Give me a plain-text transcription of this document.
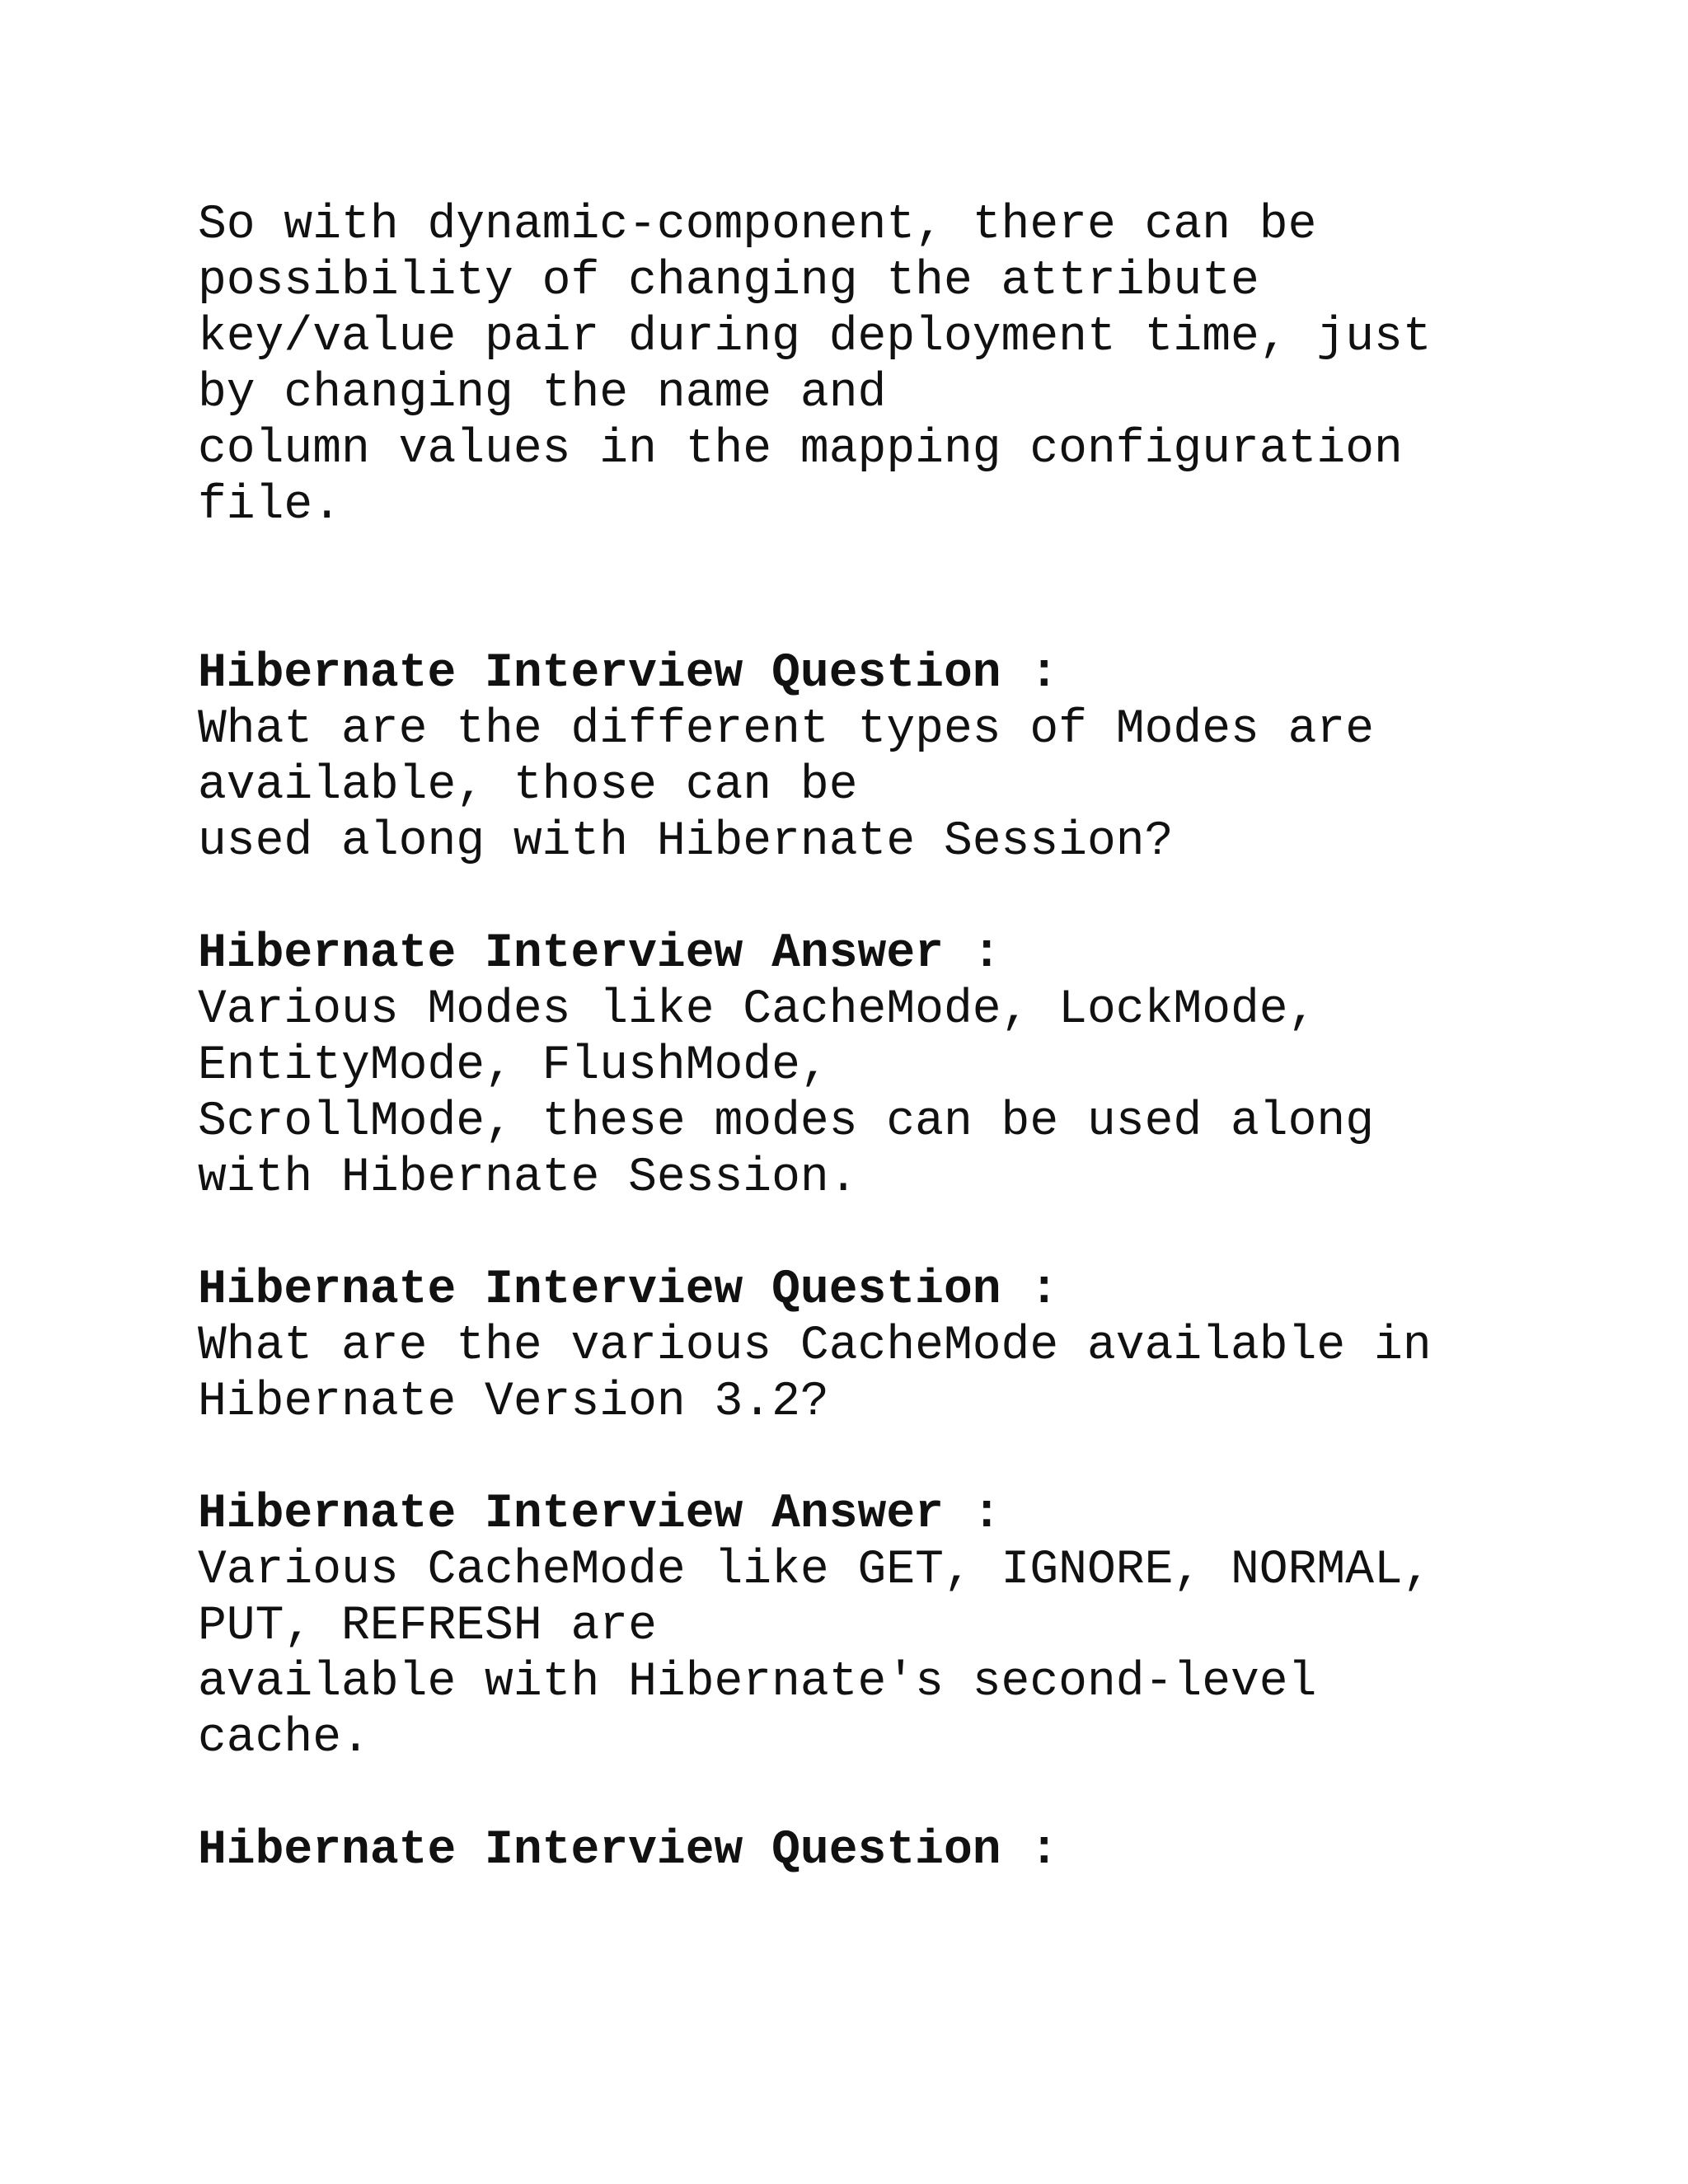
So with dynamic-component, there can be
possibility of changing the attribute
key/value pair during deployment time, just
by changing the name and
column values in the mapping configuration
file.
Hibernate Interview Question :
What are the different types of Modes are
available, those can be
used along with Hibernate Session?
Hibernate Interview Answer :
Various Modes like CacheMode, LockMode,
EntityMode, FlushMode,
ScrollMode, these modes can be used along
with Hibernate Session.
Hibernate Interview Question :
What are the various CacheMode available in
Hibernate Version 3.2?
Hibernate Interview Answer :
Various CacheMode like GET, IGNORE, NORMAL,
PUT, REFRESH are
available with Hibernate's second-level
cache.
Hibernate Interview Question :
